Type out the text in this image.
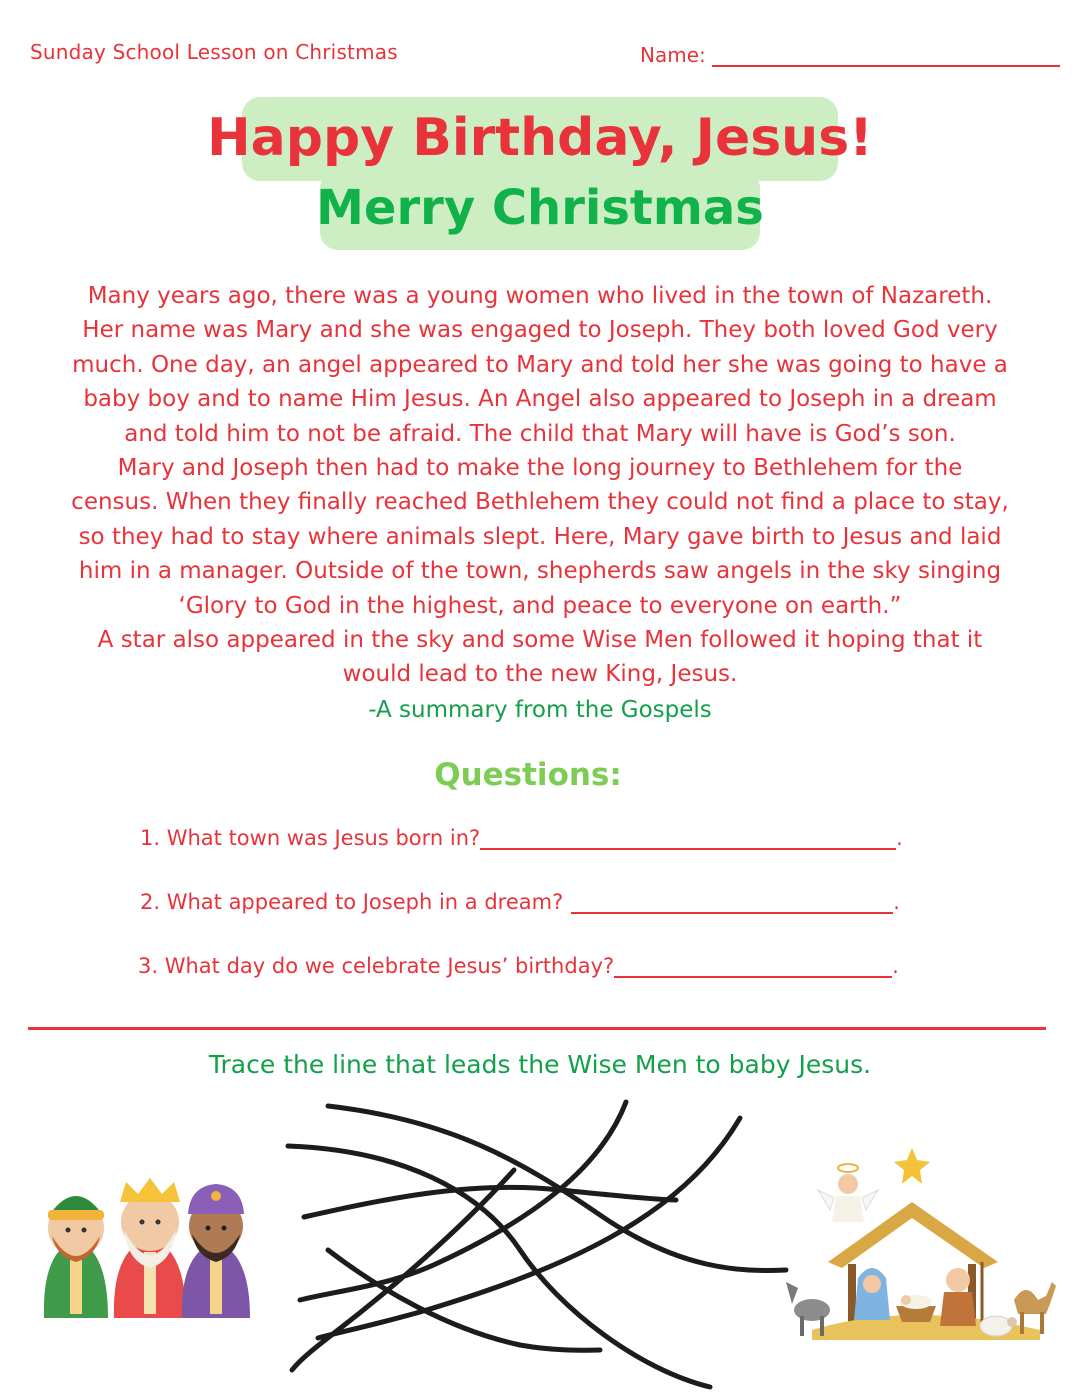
Sunday School Lesson on Christmas	Name:
Happy Birthday, Jesus!
Merry Christmas

Many years ago, there was a young women who lived in the town of Nazareth.

Her name was Mary and she was engaged to Joseph. They both loved God very

much. One day, an angel appeared to Mary and told her she was going to have a

baby boy and to name Him Jesus. An Angel also appeared to Joseph in a dream

and told him to not be afraid. The child that Mary will have is God’s son.

Mary and Joseph then had to make the long journey to Bethlehem for the

census. When they finally reached Bethlehem they could not find a place to stay,

so they had to stay where animals slept. Here, Mary gave birth to Jesus and laid

him in a manager. Outside of the town, shepherds saw angels in the sky singing

‘Glory to God in the highest, and peace to everyone on earth.”

A star also appeared in the sky and some Wise Men followed it hoping that it

would lead to the new King, Jesus.

-A summary from the Gospels
Questions:
1. What town was Jesus born in?	.
2. What appeared to Joseph in a dream?	.
3. What day do we celebrate Jesus’ birthday?	.
Trace the line that leads the Wise Men to baby Jesus.
